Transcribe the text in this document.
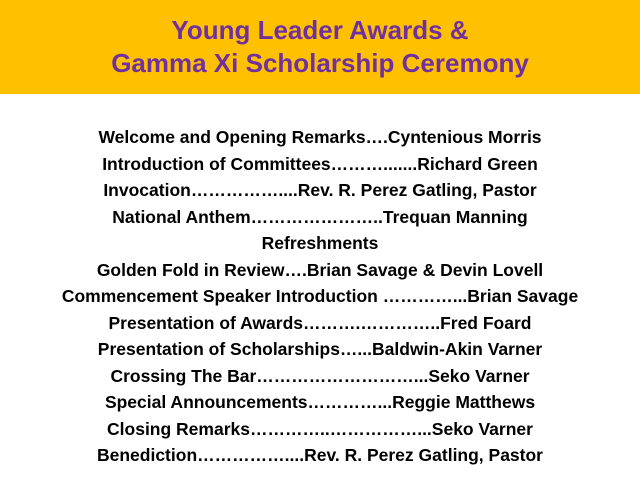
Young Leader Awards &
Gamma Xi Scholarship Ceremony
Welcome and Opening Remarks….Cyntenious Morris
Introduction of Committees……….......Richard Green
Invocation……………....Rev. R. Perez Gatling, Pastor
National Anthem…………………..Trequan Manning
Refreshments
Golden Fold in Review….Brian Savage & Devin Lovell
Commencement Speaker Introduction …………...Brian Savage
Presentation of Awards……….…………..Fred Foard
Presentation of Scholarships…...Baldwin-Akin Varner
Crossing The Bar………………………...Seko Varner
Special Announcements…………...Reggie Matthews
Closing Remarks…………..……………...Seko Varner
Benediction……………....Rev. R. Perez Gatling, Pastor
